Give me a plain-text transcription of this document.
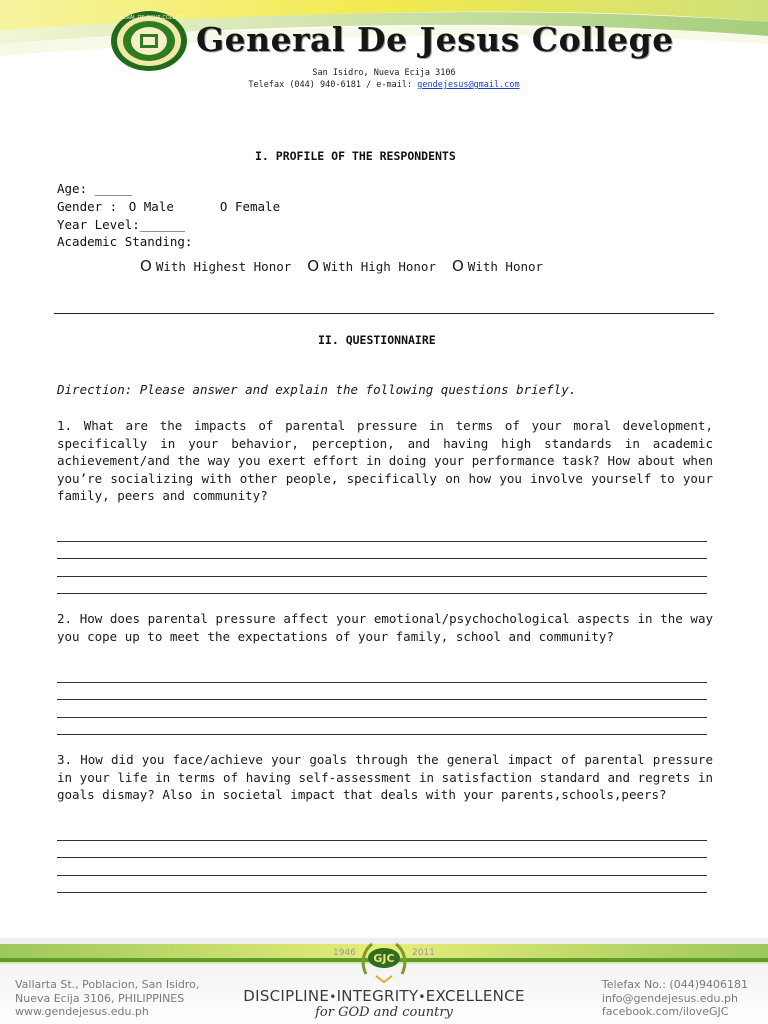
GENERAL DE JESUS COLLEGE
General De Jesus College
San Isidro, Nueva Ecija 3106
Telefax (044) 940-6181 / e-mail: gendejesus@gmail.com
I. PROFILE OF THE RESPONDENTS
Age: _____
Gender : O Male	O Female
Year Level:______
Academic Standing:
O With Highest Honor O With High Honor O With Honor
II. QUESTIONNAIRE
Direction: Please answer and explain the following questions briefly.

1. What are the impacts of parental pressure in terms of your moral development, specifically in your behavior, perception, and having high standards in academic achievement/and the way you exert effort in doing your performance task? How about when you’re socializing with other people, specifically on how you involve yourself to your family, peers and community?

2. How does parental pressure affect your emotional/psychochological aspects in the way you cope up to meet the expectations of your family, school and community?

3. How did you face/achieve your goals through the general impact of parental pressure in your life in terms of having self-assessment in satisfaction standard and regrets in goals dismay? Also in societal impact that deals with your parents,schools,peers?

GJC
1946	2011
Vallarta St., Poblacion, San Isidro,
Nueva Ecija 3106, PHILIPPINES
www.gendejesus.edu.ph
DISCIPLINE•INTEGRITY•EXCELLENCE
for GOD and country
Telefax No.: (044)9406181
info@gendejesus.edu.ph
facebook.com/iloveGJC
